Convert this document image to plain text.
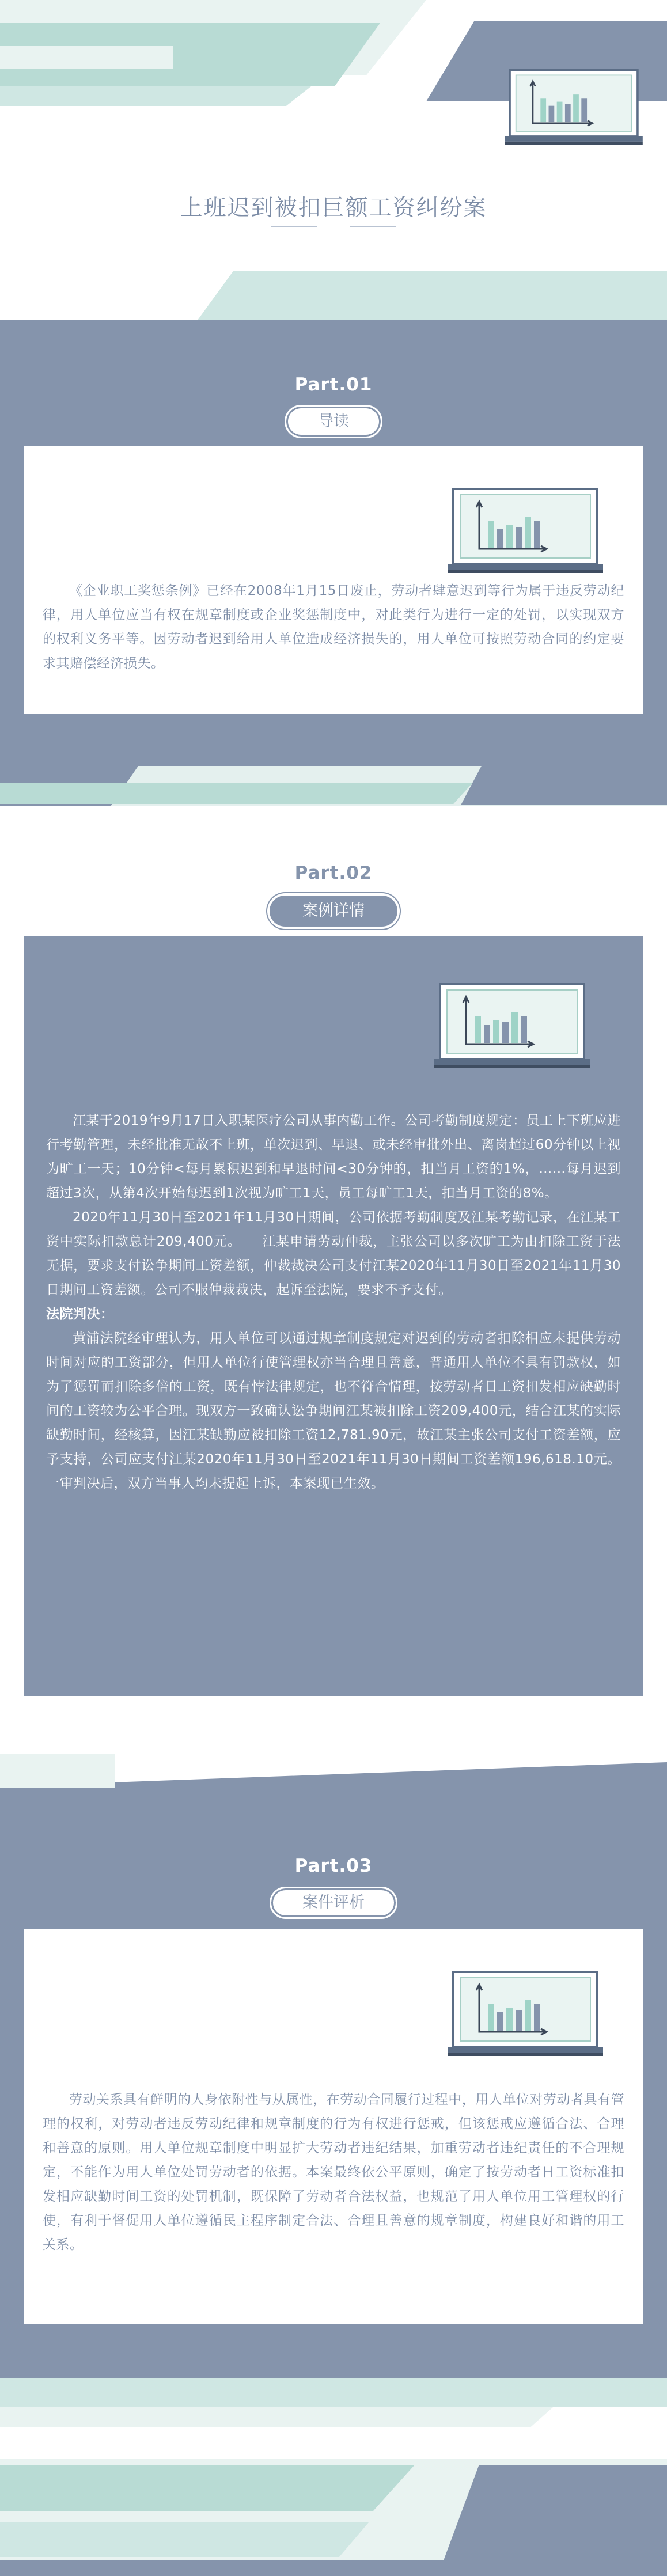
上班迟到被扣巨额工资纠纷案
Part.01
导读

《企业职工奖惩条例》已经在2008年1月15日废止，劳动者肆意迟到等行为属于违反劳动纪律，用人单位应当有权在规章制度或企业奖惩制度中，对此类行为进行一定的处罚，以实现双方的权利义务平等。因劳动者迟到给用人单位造成经济损失的，用人单位可按照劳动合同的约定要求其赔偿经济损失。

Part.02
案例详情

江某于2019年9月17日入职某医疗公司从事内勤工作。公司考勤制度规定：员工上下班应进行考勤管理，未经批准无故不上班，单次迟到、早退、或未经审批外出、离岗超过60分钟以上视为旷工一天；10分钟<每月累积迟到和早退时间<30分钟的，扣当月工资的1%，……每月迟到超过3次，从第4次开始每迟到1次视为旷工1天，员工每旷工1天，扣当月工资的8%。

2020年11月30日至2021年11月30日期间，公司依据考勤制度及江某考勤记录，在江某工资中实际扣款总计209,400元。　　江某申请劳动仲裁，主张公司以多次旷工为由扣除工资于法无据，要求支付讼争期间工资差额，仲裁裁决公司支付江某2020年11月30日至2021年11月30日期间工资差额。公司不服仲裁裁决，起诉至法院，要求不予支付。

法院判决：

黄浦法院经审理认为，用人单位可以通过规章制度规定对迟到的劳动者扣除相应未提供劳动时间对应的工资部分，但用人单位行使管理权亦当合理且善意，普通用人单位不具有罚款权，如为了惩罚而扣除多倍的工资，既有悖法律规定，也不符合情理，按劳动者日工资扣发相应缺勤时间的工资较为公平合理。现双方一致确认讼争期间江某被扣除工资209,400元，结合江某的实际缺勤时间，经核算，因江某缺勤应被扣除工资12,781.90元，故江某主张公司支付工资差额，应予支持，公司应支付江某2020年11月30日至2021年11月30日期间工资差额196,618.10元。一审判决后，双方当事人均未提起上诉，本案现已生效。

Part.03
案件评析

劳动关系具有鲜明的人身依附性与从属性，在劳动合同履行过程中，用人单位对劳动者具有管理的权利，对劳动者违反劳动纪律和规章制度的行为有权进行惩戒，但该惩戒应遵循合法、合理和善意的原则。用人单位规章制度中明显扩大劳动者违纪结果，加重劳动者违纪责任的不合理规定，不能作为用人单位处罚劳动者的依据。本案最终依公平原则，确定了按劳动者日工资标准扣发相应缺勤时间工资的处罚机制，既保障了劳动者合法权益，也规范了用人单位用工管理权的行使，有利于督促用人单位遵循民主程序制定合法、合理且善意的规章制度，构建良好和谐的用工关系。
